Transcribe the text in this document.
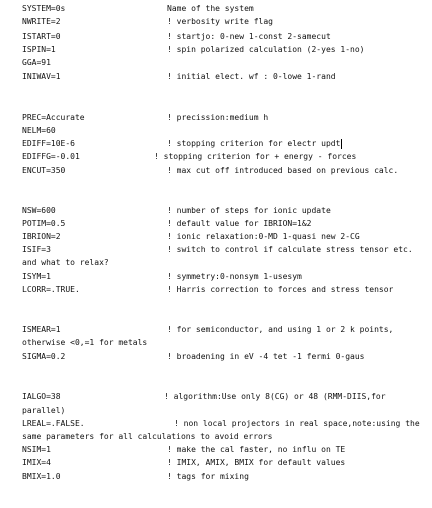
SYSTEM=0s	Name of the system
NWRITE=2	! verbosity write flag
ISTART=0	! startjo: 0-new 1-const 2-samecut
ISPIN=1	! spin polarized calculation (2-yes 1-no)
GGA=91
INIWAV=1	! initial elect. wf : 0-lowe 1-rand
PREC=Accurate	! precission:medium h
NELM=60
EDIFF=10E-6	! stopping criterion for electr updt
EDIFFG=-0.01	! stopping criterion for + energy - forces
ENCUT=350	! max cut off introduced based on previous calc.
NSW=600	! number of steps for ionic update
POTIM=0.5	! default value for IBRION=1&2
IBRION=2	! ionic relaxation:0-MD 1-quasi new 2-CG
ISIF=3	! switch to control if calculate stress tensor etc.
and what to relax?
ISYM=1	! symmetry:0-nonsym 1-usesym
LCORR=.TRUE.	! Harris correction to forces and stress tensor
ISMEAR=1	! for semiconductor, and using 1 or 2 k points,
otherwise <0,=1 for metals
SIGMA=0.2	! broadening in eV -4 tet -1 fermi 0-gaus
IALGO=38	! algorithm:Use only 8(CG) or 48 (RMM-DIIS,for
parallel)
LREAL=.FALSE.	! non local projectors in real space,note:using the
same parameters for all calculations to avoid errors
NSIM=1	! make the cal faster, no influ on TE
IMIX=4	! IMIX, AMIX, BMIX for default values
BMIX=1.0	! tags for mixing
